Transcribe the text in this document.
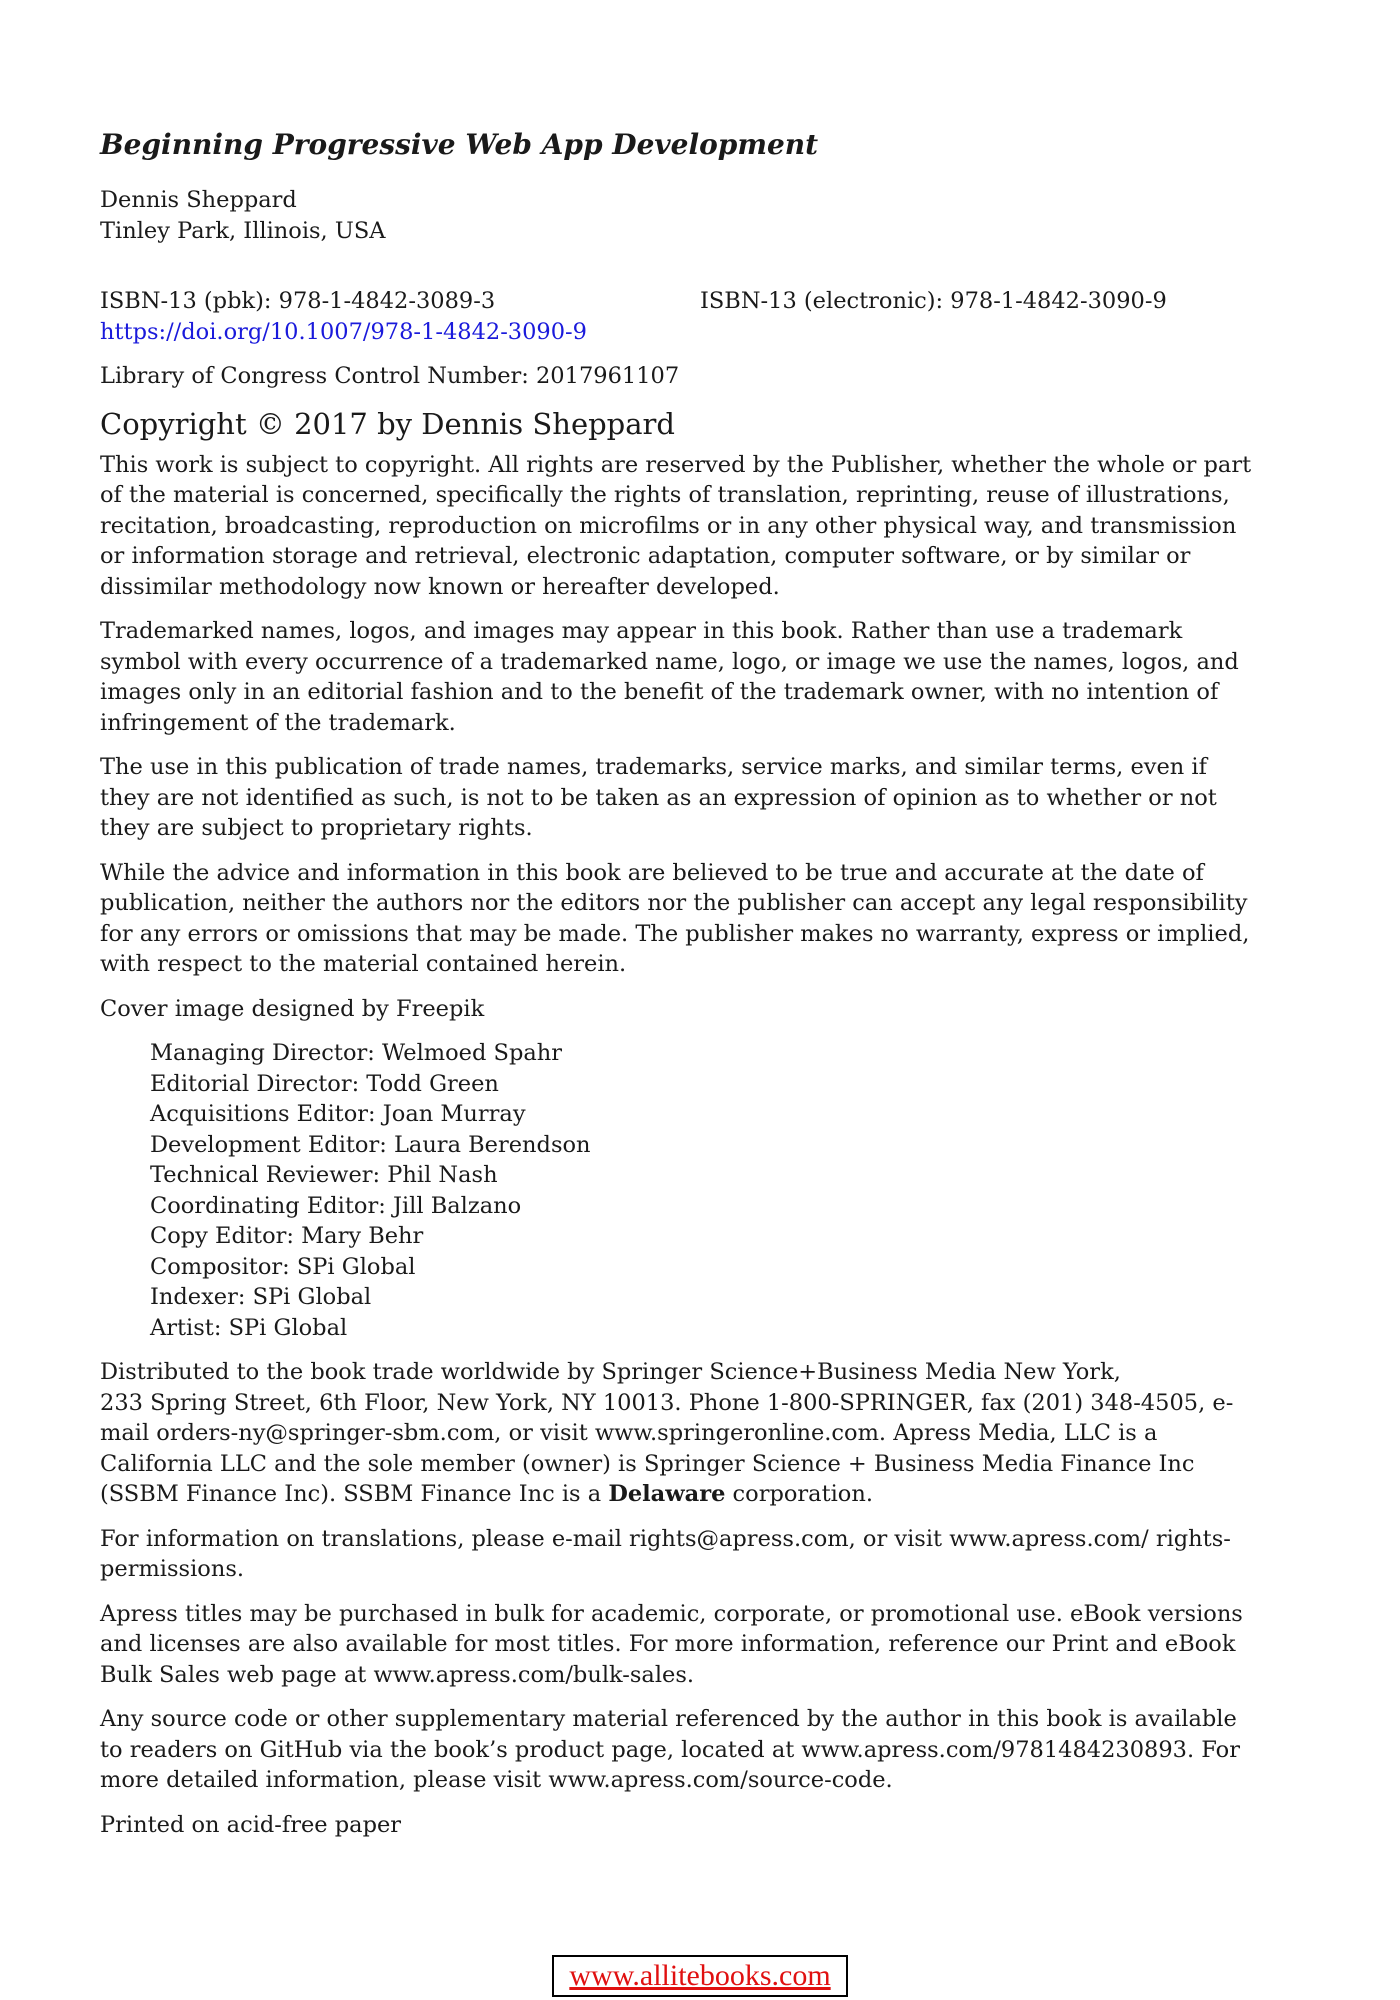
Beginning Progressive Web App Development

Dennis Sheppard

Tinley Park, Illinois, USA

ISBN-13 (pbk): 978-1-4842-3089-3	ISBN-13 (electronic): 978-1-4842-3090-9
https://doi.org/10.1007/978-1-4842-3090-9

Library of Congress Control Number: 2017961107

Copyright © 2017 by Dennis Sheppard

This work is subject to copyright. All rights are reserved by the Publisher, whether the whole or part of the material is concerned, specifically the rights of translation, reprinting, reuse of illustrations, recitation, broadcasting, reproduction on microfilms or in any other physical way, and transmission or information storage and retrieval, electronic adaptation, computer software, or by similar or dissimilar methodology now known or hereafter developed.

Trademarked names, logos, and images may appear in this book. Rather than use a trademark symbol with every occurrence of a trademarked name, logo, or image we use the names, logos, and images only in an editorial fashion and to the benefit of the trademark owner, with no intention of infringement of the trademark.

The use in this publication of trade names, trademarks, service marks, and similar terms, even if they are not identified as such, is not to be taken as an expression of opinion as to whether or not they are subject to proprietary rights.

While the advice and information in this book are believed to be true and accurate at the date of publication, neither the authors nor the editors nor the publisher can accept any legal responsibility for any errors or omissions that may be made. The publisher makes no warranty, express or implied, with respect to the material contained herein.

Cover image designed by Freepik

Managing Director: Welmoed Spahr

Editorial Director: Todd Green

Acquisitions Editor: Joan Murray

Development Editor: Laura Berendson

Technical Reviewer: Phil Nash

Coordinating Editor: Jill Balzano

Copy Editor: Mary Behr

Compositor: SPi Global

Indexer: SPi Global

Artist: SPi Global

Distributed to the book trade worldwide by Springer Science+Business Media New York,

233 Spring Street, 6th Floor, New York, NY 10013. Phone 1-800-SPRINGER, fax (201) 348-4505, e-mail orders-ny@springer-sbm.com, or visit www.springeronline.com. Apress Media, LLC is a California LLC and the sole member (owner) is Springer Science + Business Media Finance Inc (SSBM Finance Inc). SSBM Finance Inc is a Delaware corporation.

For information on translations, please e-mail rights@apress.com, or visit www.apress.com/ rights-permissions.

Apress titles may be purchased in bulk for academic, corporate, or promotional use. eBook versions and licenses are also available for most titles. For more information, reference our Print and eBook Bulk Sales web page at www.apress.com/bulk-sales.

Any source code or other supplementary material referenced by the author in this book is available to readers on GitHub via the book’s product page, located at www.apress.com/9781484230893. For more detailed information, please visit www.apress.com/source-code.

Printed on acid-free paper

www.allitebooks.com
